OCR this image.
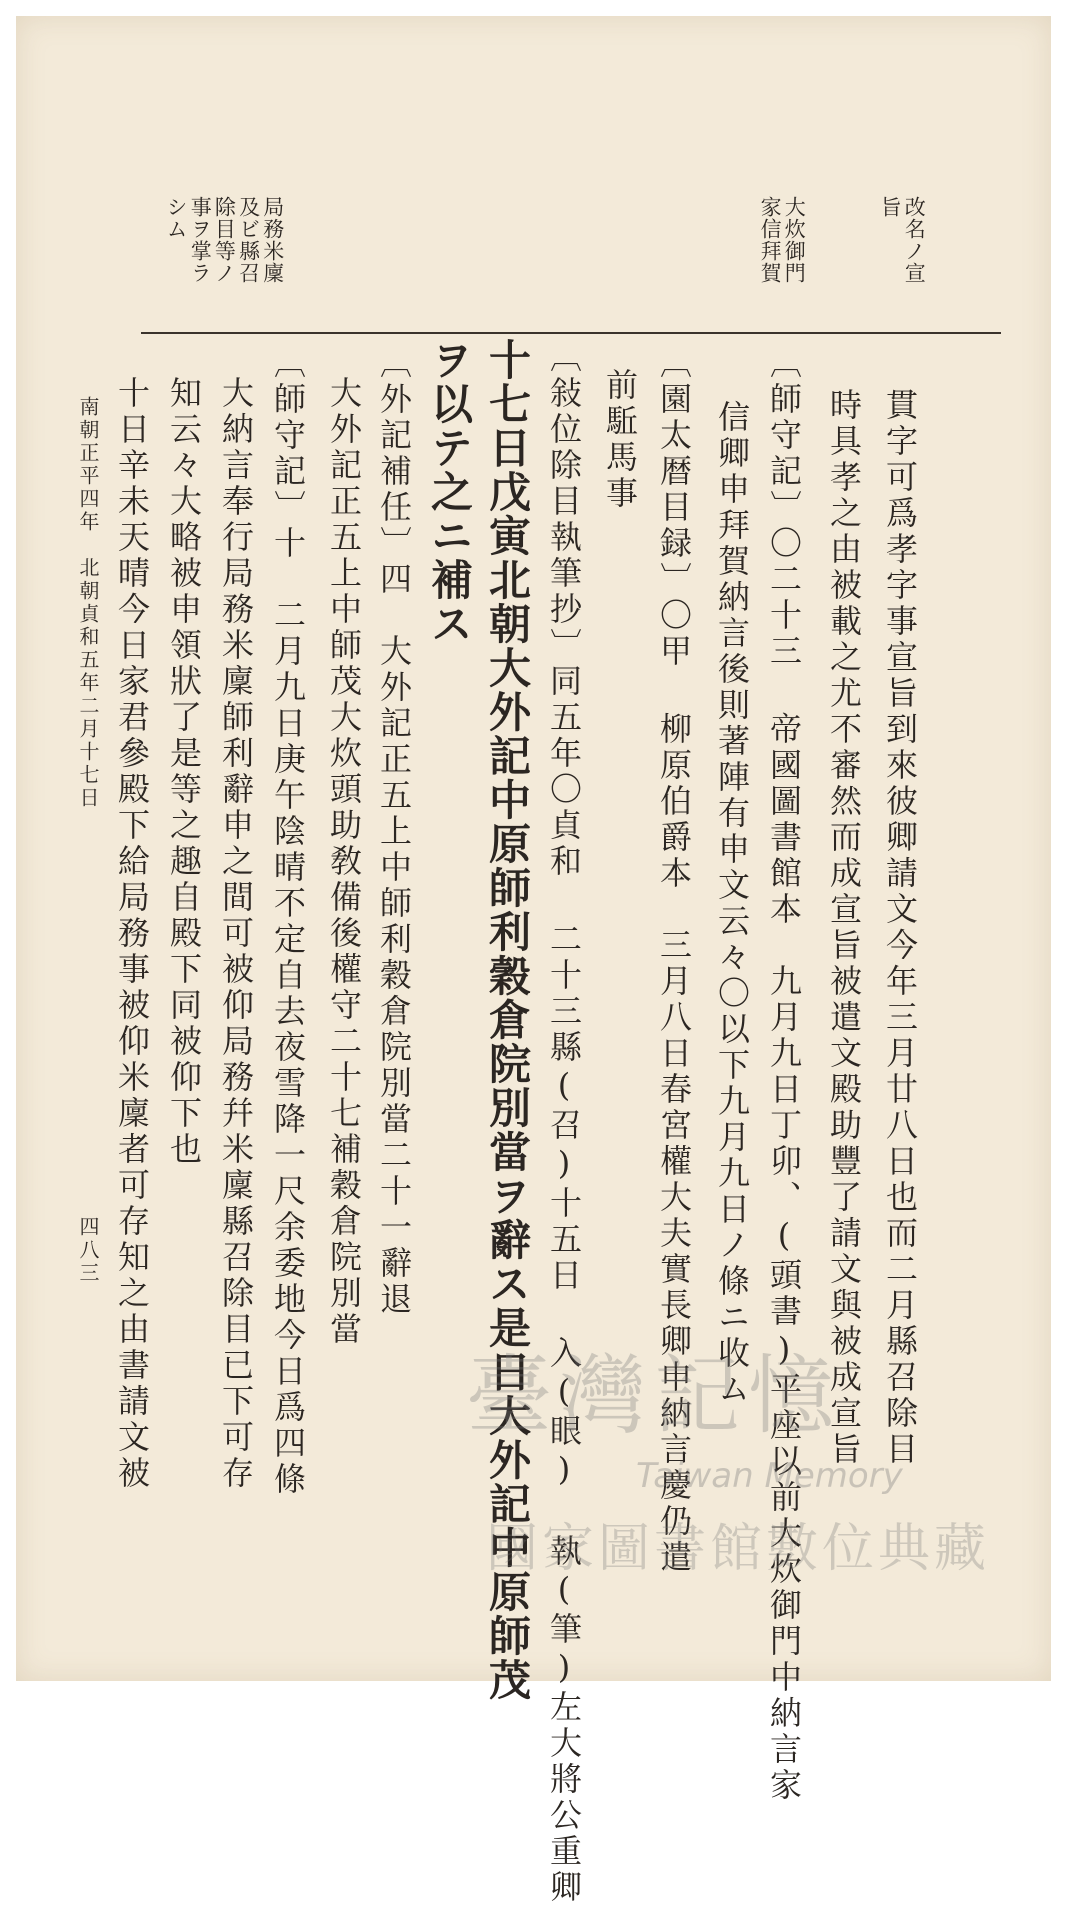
改名ノ宣
旨
大炊御門
家信拜賀
局務米廩
及ビ縣召
除目等ノ
事ヲ掌ラ
シム
貫字可爲孝字事宣旨到來彼卿請文今年三月廿八日也而二月縣召除目
時具孝之由被載之尤不審然而成宣旨被遣文殿助豐了請文與被成宣旨
〔師守記〕〇二十三 帝國圖書館本　九月九日丁卯、(頭書)平座以前大炊御門中納言家
信卿申拜賀納言後則著陣有申文云々〇以下九月九日ノ條ニ收ム
〔園太暦目録〕〇甲 柳原伯爵本　三月八日春宮權大夫實長卿申納言慶仍遣
前駈馬事
〔敍位除目執筆抄〕同五年〇貞和 二十三縣(召)十五日 入(眼) 執(筆)左大將公重卿
十七日戊寅北朝大外記中原師利穀倉院別當ヲ辭ス是日大外記中原師茂
ヲ以テ之ニ補ス
〔外記補任〕四　大外記正五上中師利穀倉院別當二十一辭退
大外記正五上中師茂大炊頭助敎備後權守二十七補穀倉院別當
〔師守記〕十　二月九日庚午陰晴不定自去夜雪降一尺余委地今日爲四條
大納言奉行局務米廩師利辭申之間可被仰局務幷米廩縣召除目已下可存
知云々大略被申領狀了是等之趣自殿下同被仰下也
十日辛未天晴今日家君參殿下給局務事被仰米廩者可存知之由書請文被
南朝正平四年　北朝貞和五年二月十七日
四八三
臺灣記憶
Taiwan Memory
國家圖書館數位典藏
